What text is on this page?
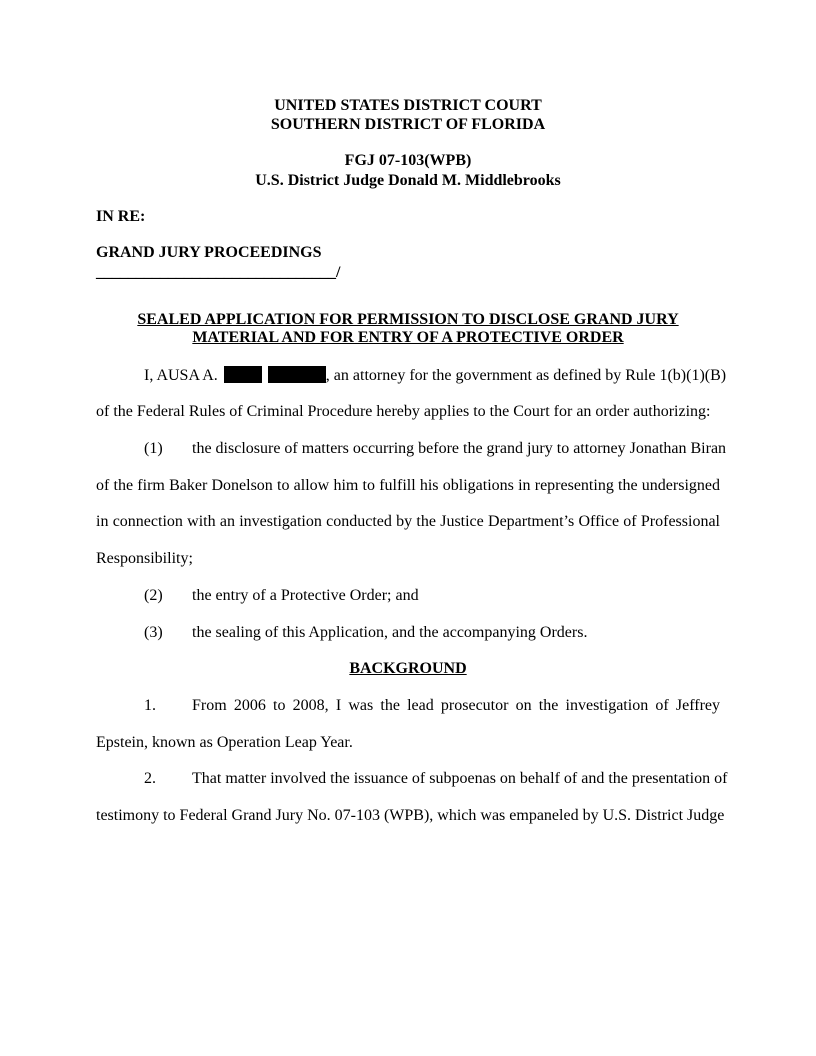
UNITED STATES DISTRICT COURT
SOUTHERN DISTRICT OF FLORIDA
FGJ 07-103(WPB)
U.S. District Judge Donald M. Middlebrooks
IN RE:
GRAND JURY PROCEEDINGS
______________________________/
SEALED APPLICATION FOR PERMISSION TO DISCLOSE GRAND JURY
MATERIAL AND FOR ENTRY OF A PROTECTIVE ORDER
I, AUSA A.	, an attorney for the government as defined by Rule 1(b)(1)(B)
of the Federal Rules of Criminal Procedure hereby applies to the Court for an order authorizing:
(1) the disclosure of matters occurring before the grand jury to attorney Jonathan Biran
of the firm Baker Donelson to allow him to fulfill his obligations in representing the undersigned
in connection with an investigation conducted by the Justice Department’s Office of Professional
Responsibility;
(2) the entry of a Protective Order; and
(3) the sealing of this Application, and the accompanying Orders.
BACKGROUND
1. From 2006 to 2008, I was the lead prosecutor on the investigation of Jeffrey
Epstein, known as Operation Leap Year.
2. That matter involved the issuance of subpoenas on behalf of and the presentation of
testimony to Federal Grand Jury No. 07-103 (WPB), which was empaneled by U.S. District Judge
